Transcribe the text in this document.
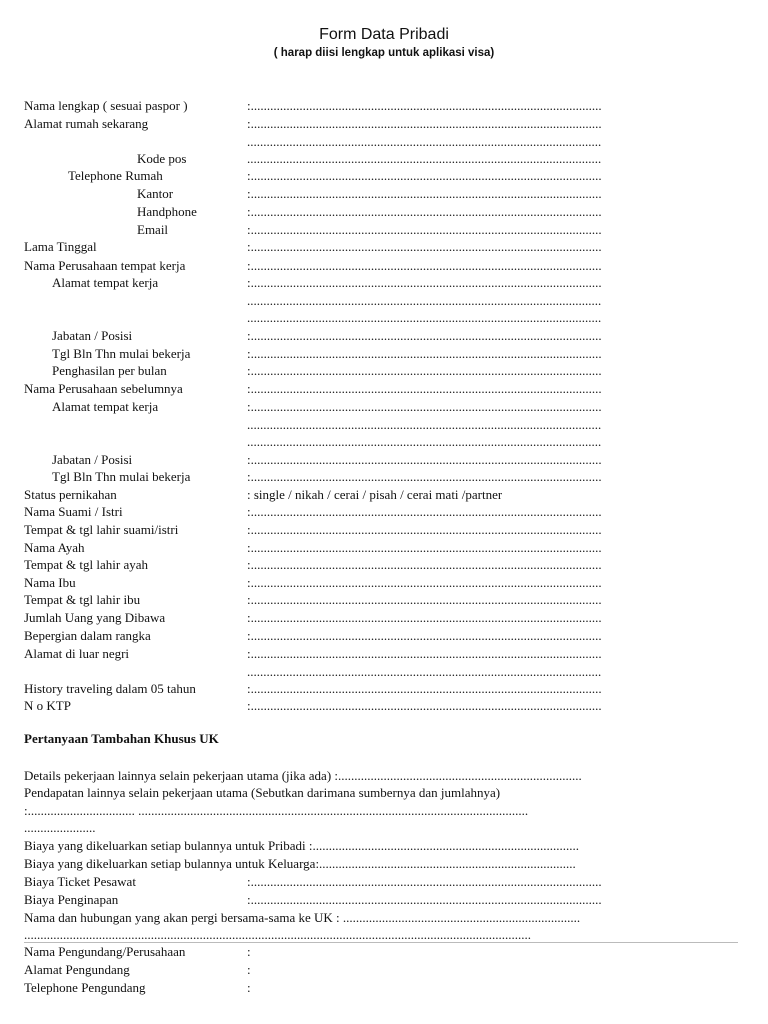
Form Data Pribadi
( harap diisi lengkap untuk aplikasi visa)
Nama lengkap ( sesuai paspor )	:............................................................................................................
Alamat rumah sekarang	:............................................................................................................
.............................................................................................................
Kode pos	.............................................................................................................
Telephone Rumah	:............................................................................................................
Kantor	:............................................................................................................
Handphone	:............................................................................................................
Email	:............................................................................................................
Lama Tinggal	:............................................................................................................
Nama Perusahaan tempat kerja	:............................................................................................................
Alamat tempat kerja	:............................................................................................................
.............................................................................................................
.............................................................................................................
Jabatan / Posisi	:............................................................................................................
Tgl Bln Thn mulai bekerja	:............................................................................................................
Penghasilan per bulan	:............................................................................................................
Nama Perusahaan sebelumnya	:............................................................................................................
Alamat tempat kerja	:............................................................................................................
.............................................................................................................
.............................................................................................................
Jabatan / Posisi	:............................................................................................................
Tgl Bln Thn mulai bekerja	:............................................................................................................
Status pernikahan	: single / nikah / cerai / pisah / cerai mati /partner
Nama Suami / Istri	:............................................................................................................
Tempat & tgl lahir suami/istri	:............................................................................................................
Nama Ayah	:............................................................................................................
Tempat & tgl lahir ayah	:............................................................................................................
Nama Ibu	:............................................................................................................
Tempat & tgl lahir ibu	:............................................................................................................
Jumlah Uang yang Dibawa	:............................................................................................................
Bepergian dalam rangka	:............................................................................................................
Alamat di luar negri	:............................................................................................................
.............................................................................................................
History traveling dalam 05 tahun	:............................................................................................................
N o KTP	:............................................................................................................
Pertanyaan Tambahan Khusus UK
Details pekerjaan lainnya selain pekerjaan utama (jika ada) :...........................................................................
Pendapatan lainnya selain pekerjaan utama (Sebutkan darimana sumbernya dan jumlahnya)
:................................. ........................................................................................................................
......................
Biaya yang dikeluarkan setiap bulannya untuk Pribadi :..................................................................................
Biaya yang dikeluarkan setiap bulannya untuk Keluarga:...............................................................................
Biaya Ticket Pesawat	:............................................................................................................
Biaya Penginapan	:............................................................................................................
Nama dan hubungan yang akan pergi bersama-sama ke UK : .........................................................................
............................................................................................................................................................
Nama Pengundang/Perusahaan	:
Alamat Pengundang	:
Telephone Pengundang	:
